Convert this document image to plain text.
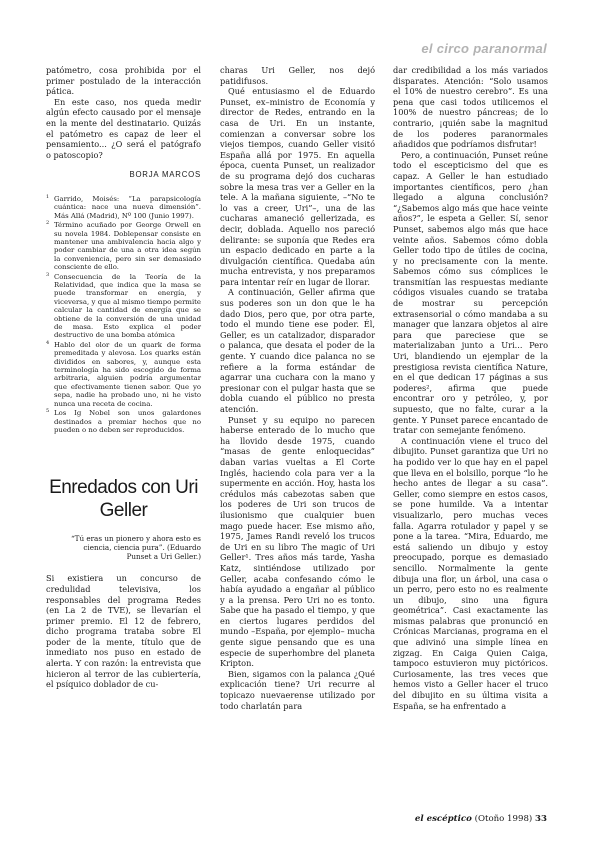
el circo paranormal

patómetro, cosa prohibida por el primer postulado de la interacción pática.

En este caso, nos queda medir algún efecto causado por el mensaje en la mente del destinatario. Quizás el patómetro es capaz de leer el pensamiento... ¿O será el patógrafo o patoscopio?

BORJA MARCOS
1 Garrido, Moisés: “La parapsicología cuántica: nace una nueva dimensión”. Más Allá (Madrid), Nº 100 (Junio 1997).
2 Término acuñado por George Orwell en su novela 1984. Doblepensar consiste en mantener una ambivalencia hacia algo y poder cambiar de una a otra idea según la conveniencia, pero sin ser demasiado consciente de ello.
3 Consecuencia de la Teoría de la Relatividad, que indica que la masa se puede transformar en energía, y viceversa, y que al mismo tiempo permite calcular la cantidad de energía que se obtiene de la conversión de una unidad de masa. Esto explica el poder destructivo de una bomba atómica
4 Hablo del olor de un quark de forma premeditada y alevosa. Los quarks están divididos en sabores, y, aunque esta terminología ha sido escogido de forma arbitraria, alguien podría argumentar que efectivamente tienen sabor. Que yo sepa, nadie ha probado uno, ni he visto nunca una receta de cocina.
5 Los Ig Nobel son unos galardones destinados a premiar hechos que no pueden o no deben ser reproducidos.
Enredados con Uri Geller
“Tú eras un pionero y ahora esto es ciencia, ciencia pura”. (Eduardo Punset a Uri Geller.)

Si existiera un concurso de credulidad televisiva, los responsables del programa Redes (en La 2 de TVE), se llevarían el primer premio. El 12 de febrero, dicho programa trataba sobre El poder de la mente, título que de inmediato nos puso en estado de alerta. Y con razón: la entrevista que hicieron al terror de las cubiertería, el psíquico doblador de cu-

charas Uri Geller, nos dejó patidifusos.

Qué entusiasmo el de Eduardo Punset, ex–ministro de Economía y director de Redes, entrando en la casa de Uri. En un instante, comienzan a conversar sobre los viejos tiempos, cuando Geller visitó España allá por 1975. En aquella época, cuenta Punset, un realizador de su programa dejó dos cucharas sobre la mesa tras ver a Geller en la tele. A la mañana siguiente, –“No te lo vas a creer, Uri”–, una de las cucharas amaneció gellerizada, es decir, doblada. Aquello nos pareció delirante: se suponía que Redes era un espacio dedicado en parte a la divulgación científica. Quedaba aún mucha entrevista, y nos preparamos para intentar reír en lugar de llorar.

A continuación, Geller afirma que sus poderes son un don que le ha dado Dios, pero que, por otra parte, todo el mundo tiene ese poder. Él, Geller, es un catalizador, disparador o palanca, que desata el poder de la gente. Y cuando dice palanca no se refiere a la forma estándar de agarrar una cuchara con la mano y presionar con el pulgar hasta que se dobla cuando el público no presta atención.

Punset y su equipo no parecen haberse enterado de lo mucho que ha llovido desde 1975, cuando “masas de gente enloquecidas” daban varias vueltas a El Corte Inglés, haciendo cola para ver a la supermente en acción. Hoy, hasta los crédulos más cabezotas saben que los poderes de Uri son trucos de ilusionismo que cualquier buen mago puede hacer. Ese mismo año, 1975, James Randi reveló los trucos de Uri en su libro The magic of Uri Geller¹. Tres años más tarde, Yasha Katz, sintiéndose utilizado por Geller, acaba confesando cómo le había ayudado a engañar al público y a la prensa. Pero Uri no es tonto. Sabe que ha pasado el tiempo, y que en ciertos lugares perdidos del mundo –España, por ejemplo– mucha gente sigue pensando que es una especie de superhombre del planeta Kripton.

Bien, sigamos con la palanca ¿Qué explicación tiene? Uri recurre al topicazo nuevaerense utilizado por todo charlatán para

dar credibilidad a los más variados disparates. Atención: “Solo usamos el 10% de nuestro cerebro”. Es una pena que casi todos utilicemos el 100% de nuestro páncreas; de lo contrario, ¡quién sabe la magnitud de los poderes paranormales añadidos que podríamos disfrutar!

Pero, a continuación, Punset reúne todo el escepticismo del que es capaz. A Geller le han estudiado importantes científicos, pero ¿han llegado a alguna conclusión? “¿Sabemos algo más que hace veinte años?”, le espeta a Geller. Sí, senor Punset, sabemos algo más que hace veinte años. Sabemos cómo dobla Geller todo tipo de útiles de cocina, y no precisamente con la mente. Sabemos cómo sus cómplices le transmitían las respuestas mediante códigos visuales cuando se trataba de mostrar su percepción extrasensorial o cómo mandaba a su manager que lanzara objetos al aire para que pareciese que se materializaban junto a Uri... Pero Uri, blandiendo un ejemplar de la prestigiosa revista científica Nature, en el que dedican 17 páginas a sus poderes², afirma que puede encontrar oro y petróleo, y, por supuesto, que no falte, curar a la gente. Y Punset parece encantado de tratar con semejante fenómeno.

A continuación viene el truco del dibujito. Punset garantiza que Uri no ha podido ver lo que hay en el papel que lleva en el bolsillo, porque “lo he hecho antes de llegar a su casa”. Geller, como siempre en estos casos, se pone humilde. Va a intentar visualizarlo, pero muchas veces falla. Agarra rotulador y papel y se pone a la tarea. “Mira, Eduardo, me está saliendo un dibujo y estoy preocupado, porque es demasiado sencillo. Normalmente la gente dibuja una flor, un árbol, una casa o un perro, pero esto no es realmente un dibujo, sino una figura geométrica”. Casi exactamente las mismas palabras que pronunció en Crónicas Marcianas, programa en el que adivinó una simple línea en zigzag. En Caiga Quien Caiga, tampoco estuvieron muy pictóricos. Curiosamente, las tres veces que hemos visto a Geller hacer el truco del dibujito en su última visita a España, se ha enfrentado a

el escéptico (Otoño 1998) 33
